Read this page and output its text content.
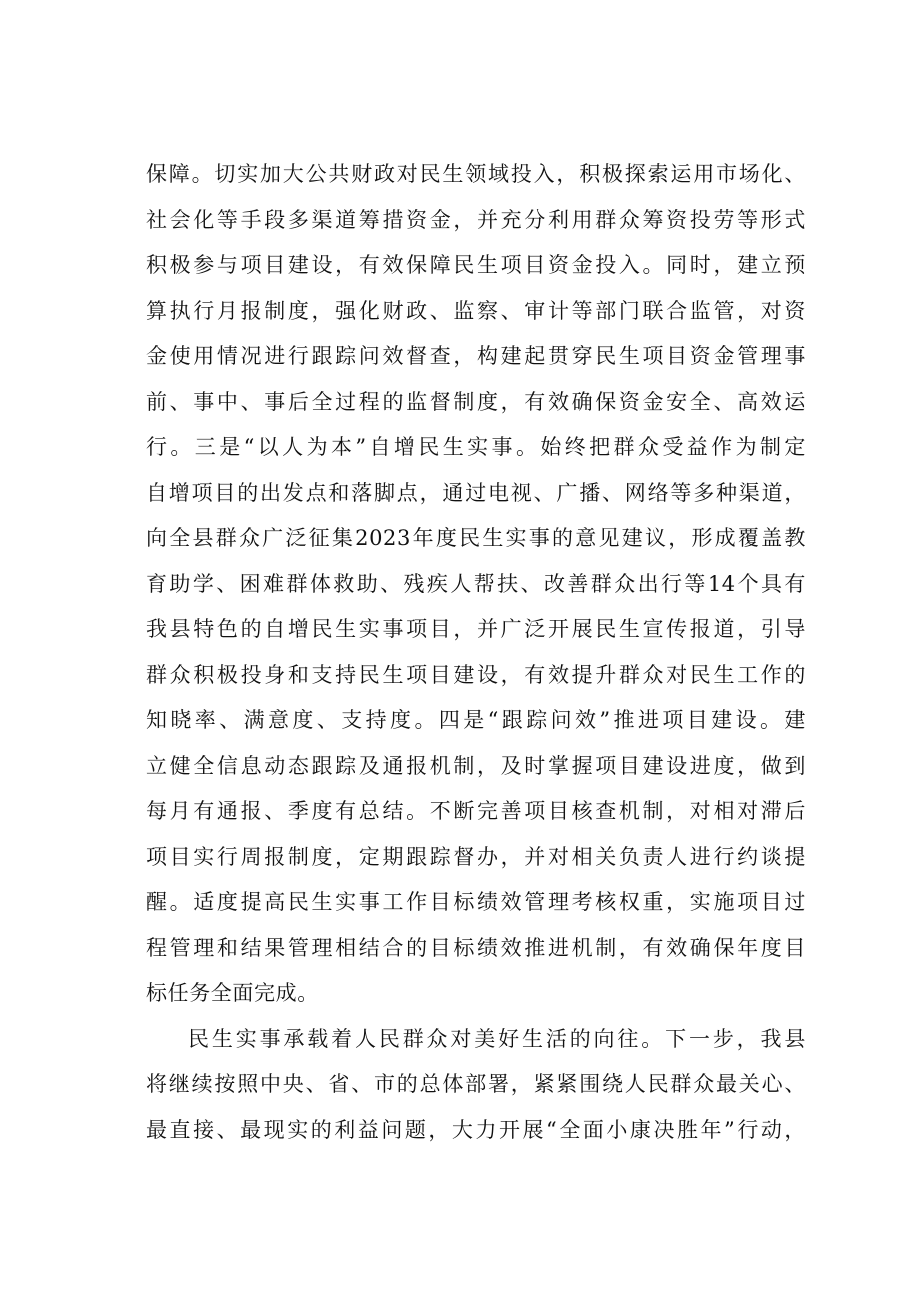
保障。切实加大公共财政对民生领域投入，积极探索运用市场化、
社会化等手段多渠道筹措资金，并充分利用群众筹资投劳等形式
积极参与项目建设，有效保障民生项目资金投入。同时，建立预
算执行月报制度，强化财政、监察、审计等部门联合监管，对资
金使用情况进行跟踪问效督查，构建起贯穿民生项目资金管理事
前、事中、事后全过程的监督制度，有效确保资金安全、高效运
行。三是“以人为本”自增民生实事。始终把群众受益作为制定
自增项目的出发点和落脚点，通过电视、广播、网络等多种渠道，
向全县群众广泛征集2023年度民生实事的意见建议，形成覆盖教
育助学、困难群体救助、残疾人帮扶、改善群众出行等14个具有
我县特色的自增民生实事项目，并广泛开展民生宣传报道，引导
群众积极投身和支持民生项目建设，有效提升群众对民生工作的
知晓率、满意度、支持度。四是“跟踪问效”推进项目建设。建
立健全信息动态跟踪及通报机制，及时掌握项目建设进度，做到
每月有通报、季度有总结。不断完善项目核查机制，对相对滞后
项目实行周报制度，定期跟踪督办，并对相关负责人进行约谈提
醒。适度提高民生实事工作目标绩效管理考核权重，实施项目过
程管理和结果管理相结合的目标绩效推进机制，有效确保年度目
标任务全面完成。
民生实事承载着人民群众对美好生活的向往。下一步，我县
将继续按照中央、省、市的总体部署，紧紧围绕人民群众最关心、
最直接、最现实的利益问题，大力开展“全面小康决胜年”行动，
